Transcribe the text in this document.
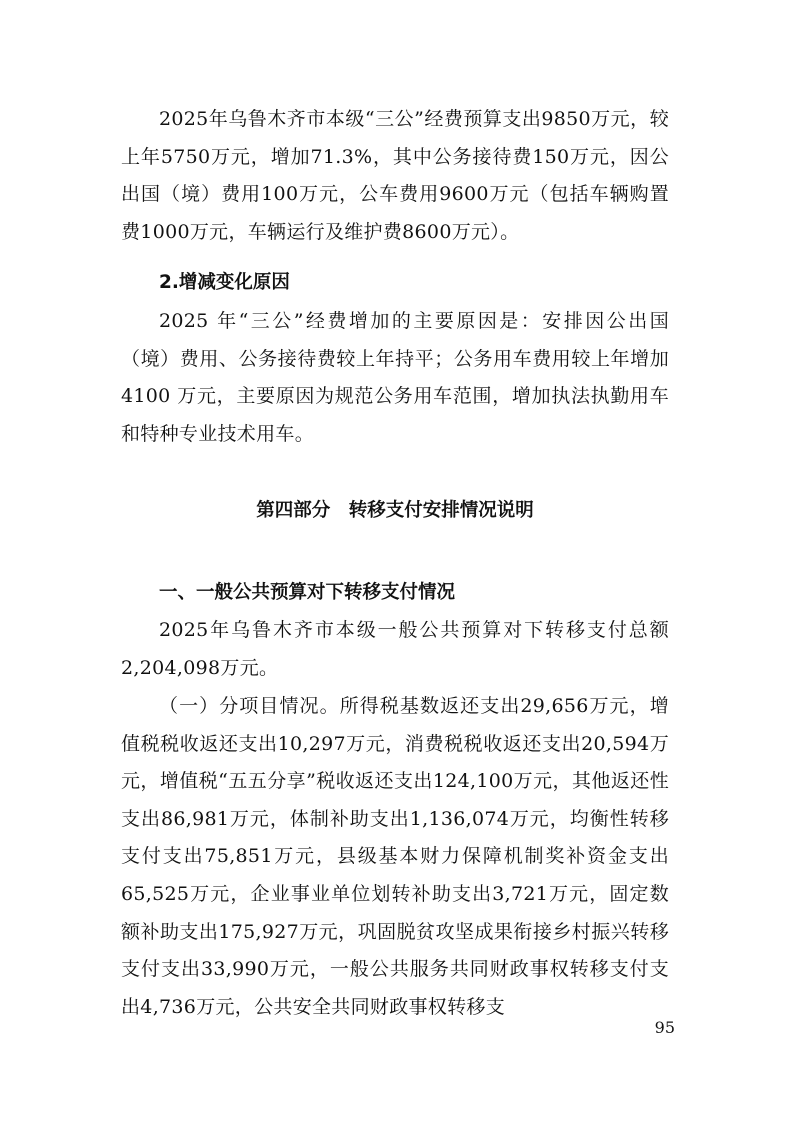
2025年乌鲁木齐市本级“三公”经费预算支出9850万元，较上年5750万元，增加71.3%，其中公务接待费150万元，因公出国（境）费用100万元，公车费用9600万元（包括车辆购置费1000万元，车辆运行及维护费8600万元）。

2.增减变化原因

2025 年“三公”经费增加的主要原因是：安排因公出国（境）费用、公务接待费较上年持平；公务用车费用较上年增加 4100 万元，主要原因为规范公务用车范围，增加执法执勤用车和特种专业技术用车。

第四部分　转移支付安排情况说明

一、一般公共预算对下转移支付情况

2025年乌鲁木齐市本级一般公共预算对下转移支付总额2,204,098万元。

（一）分项目情况。所得税基数返还支出29,656万元，增值税税收返还支出10,297万元，消费税税收返还支出20,594万元，增值税“五五分享”税收返还支出124,100万元，其他返还性支出86,981万元，体制补助支出1,136,074万元，均衡性转移支付支出75,851万元，县级基本财力保障机制奖补资金支出65,525万元，企业事业单位划转补助支出3,721万元，固定数额补助支出175,927万元，巩固脱贫攻坚成果衔接乡村振兴转移支付支出33,990万元，一般公共服务共同财政事权转移支付支出4,736万元，公共安全共同财政事权转移支

95
